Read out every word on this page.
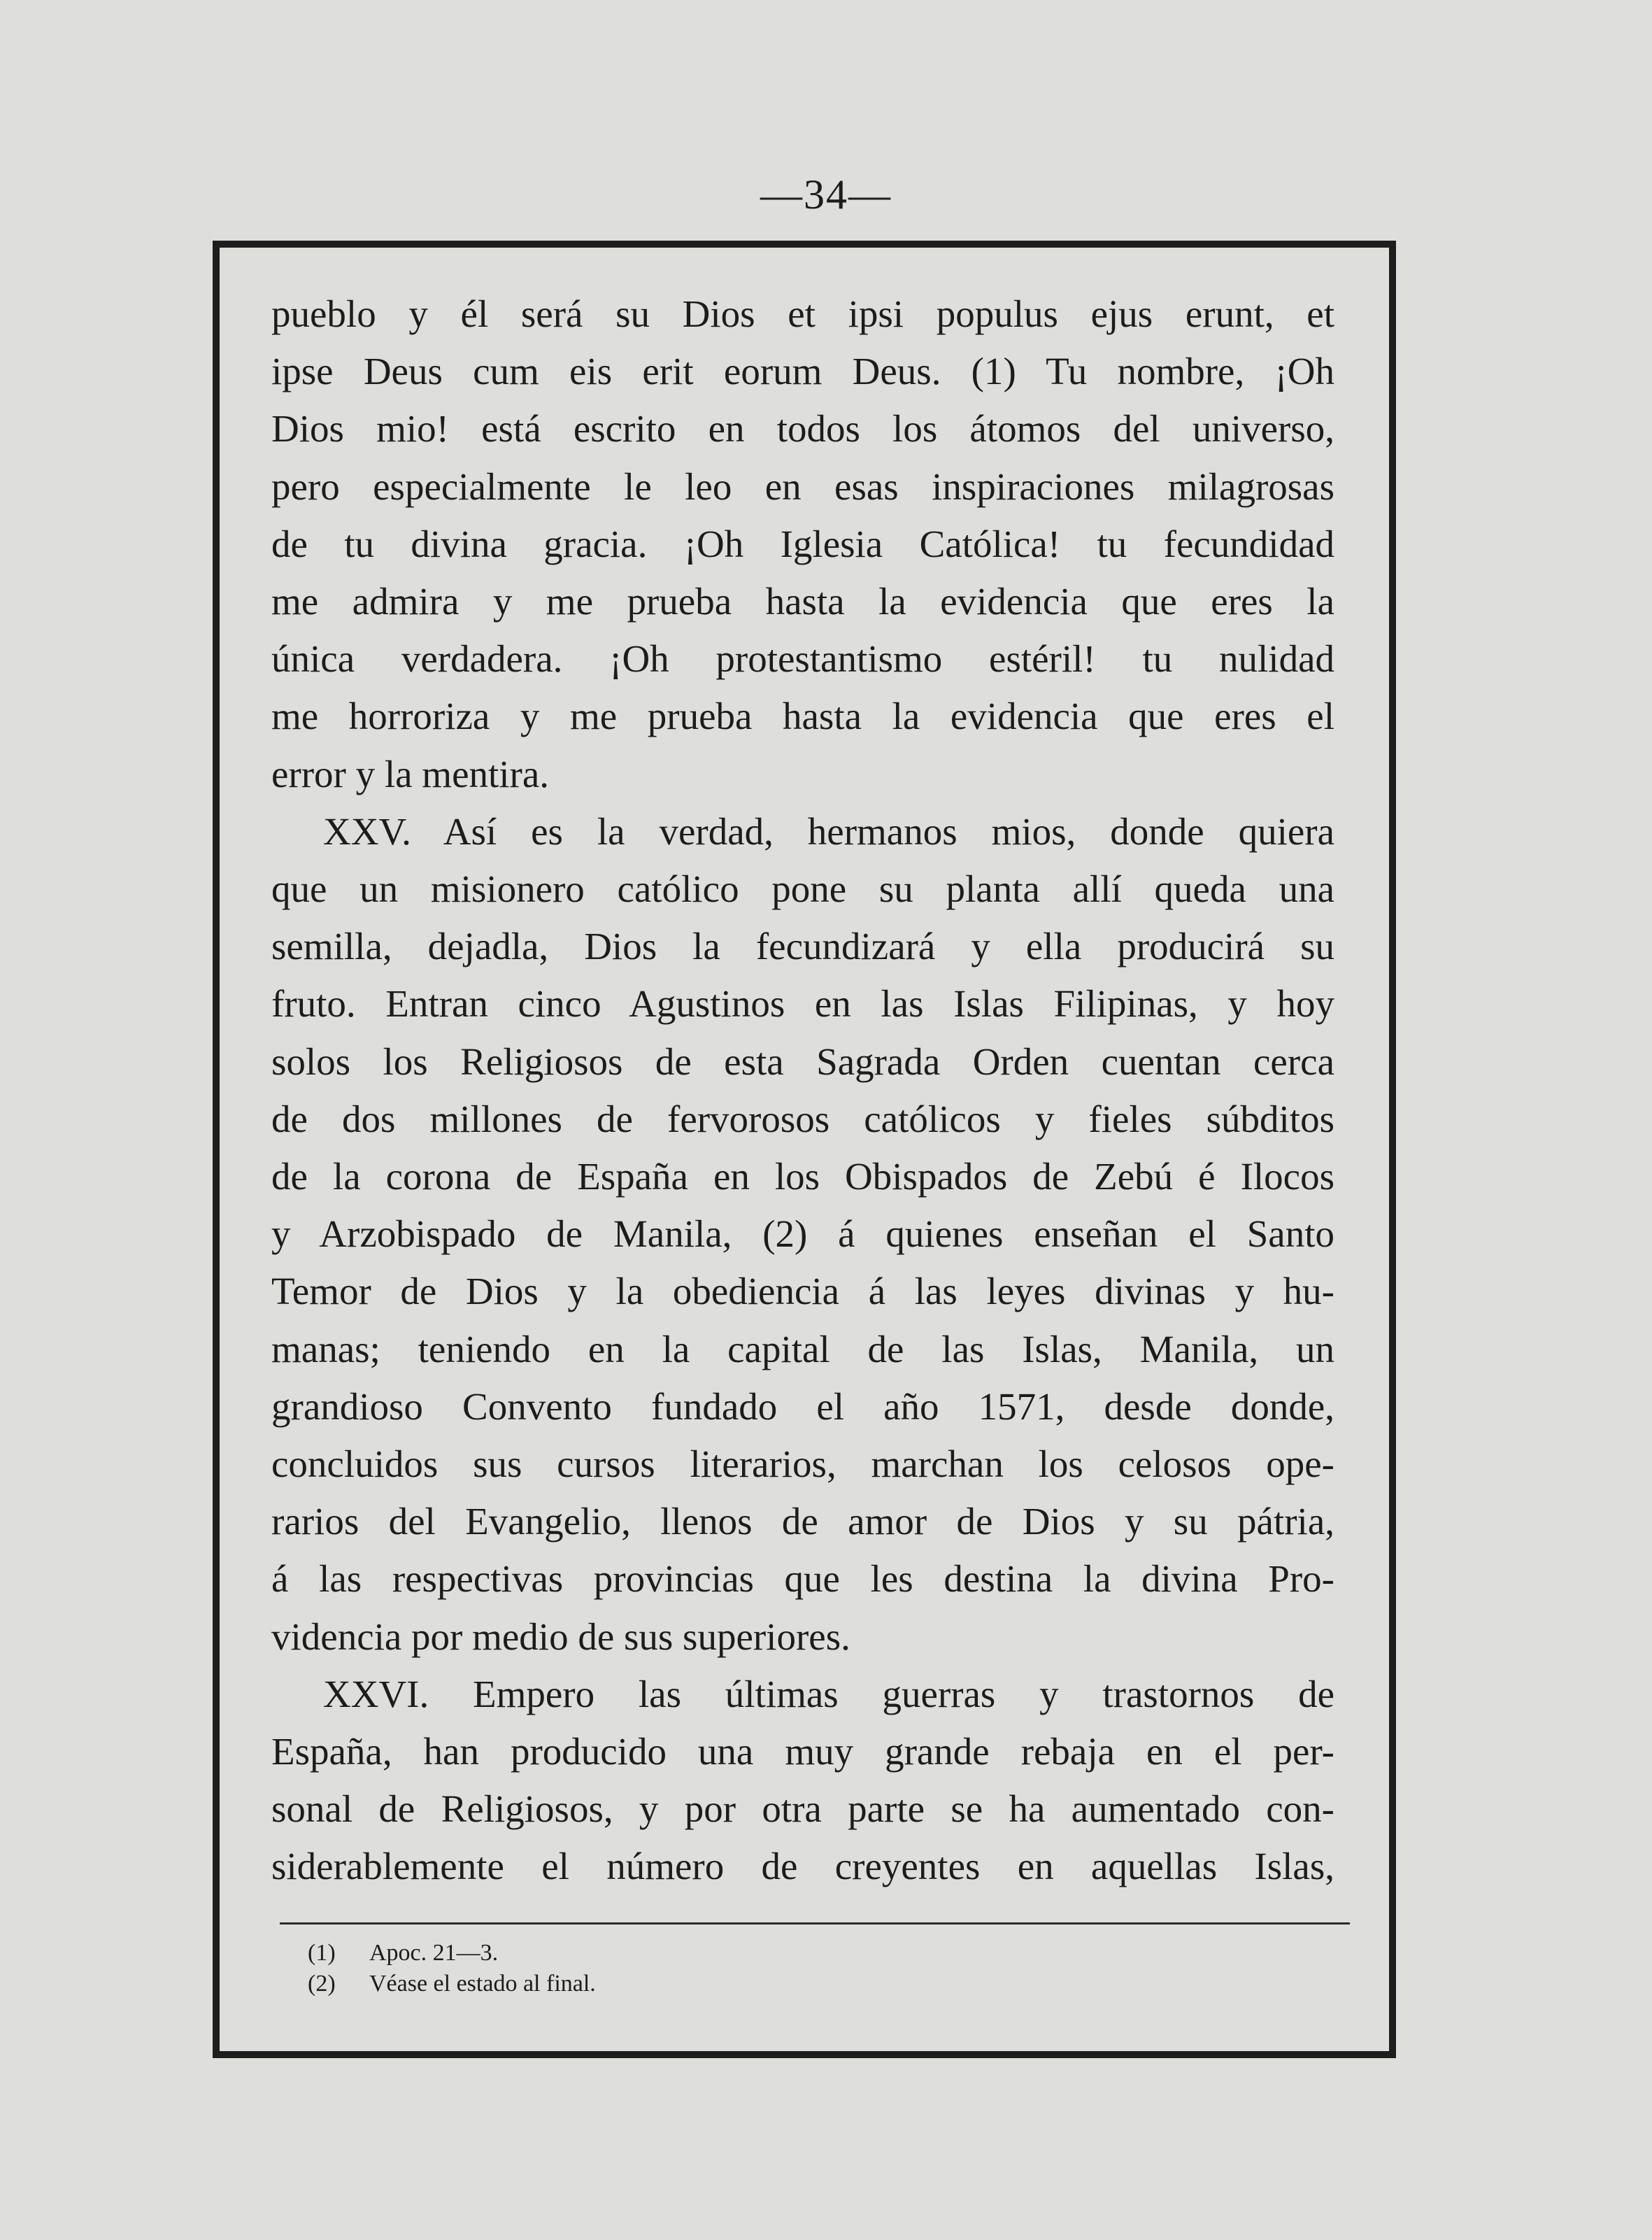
—34—
pueblo y él será su Dios et ipsi populus ejus erunt, et
ipse Deus cum eis erit eorum Deus. (1) Tu nombre, ¡Oh
Dios mio! está escrito en todos los átomos del universo,
pero especialmente le leo en esas inspiraciones milagrosas
de tu divina gracia. ¡Oh Iglesia Católica! tu fecundidad
me admira y me prueba hasta la evidencia que eres la
única verdadera. ¡Oh protestantismo estéril! tu nulidad
me horroriza y me prueba hasta la evidencia que eres el
error y la mentira.
XXV. Así es la verdad, hermanos mios, donde quiera
que un misionero católico pone su planta allí queda una
semilla, dejadla, Dios la fecundizará y ella producirá su
fruto. Entran cinco Agustinos en las Islas Filipinas, y hoy
solos los Religiosos de esta Sagrada Orden cuentan cerca
de dos millones de fervorosos católicos y fieles súbditos
de la corona de España en los Obispados de Zebú é Ilocos
y Arzobispado de Manila, (2) á quienes enseñan el Santo
Temor de Dios y la obediencia á las leyes divinas y hu-
manas; teniendo en la capital de las Islas, Manila, un
grandioso Convento fundado el año 1571, desde donde,
concluidos sus cursos literarios, marchan los celosos ope-
rarios del Evangelio, llenos de amor de Dios y su pátria,
á las respectivas provincias que les destina la divina Pro-
videncia por medio de sus superiores.
XXVI. Empero las últimas guerras y trastornos de
España, han producido una muy grande rebaja en el per-
sonal de Religiosos, y por otra parte se ha aumentado con-
siderablemente el número de creyentes en aquellas Islas,
(1) Apoc. 21—3.
(2) Véase el estado al final.
